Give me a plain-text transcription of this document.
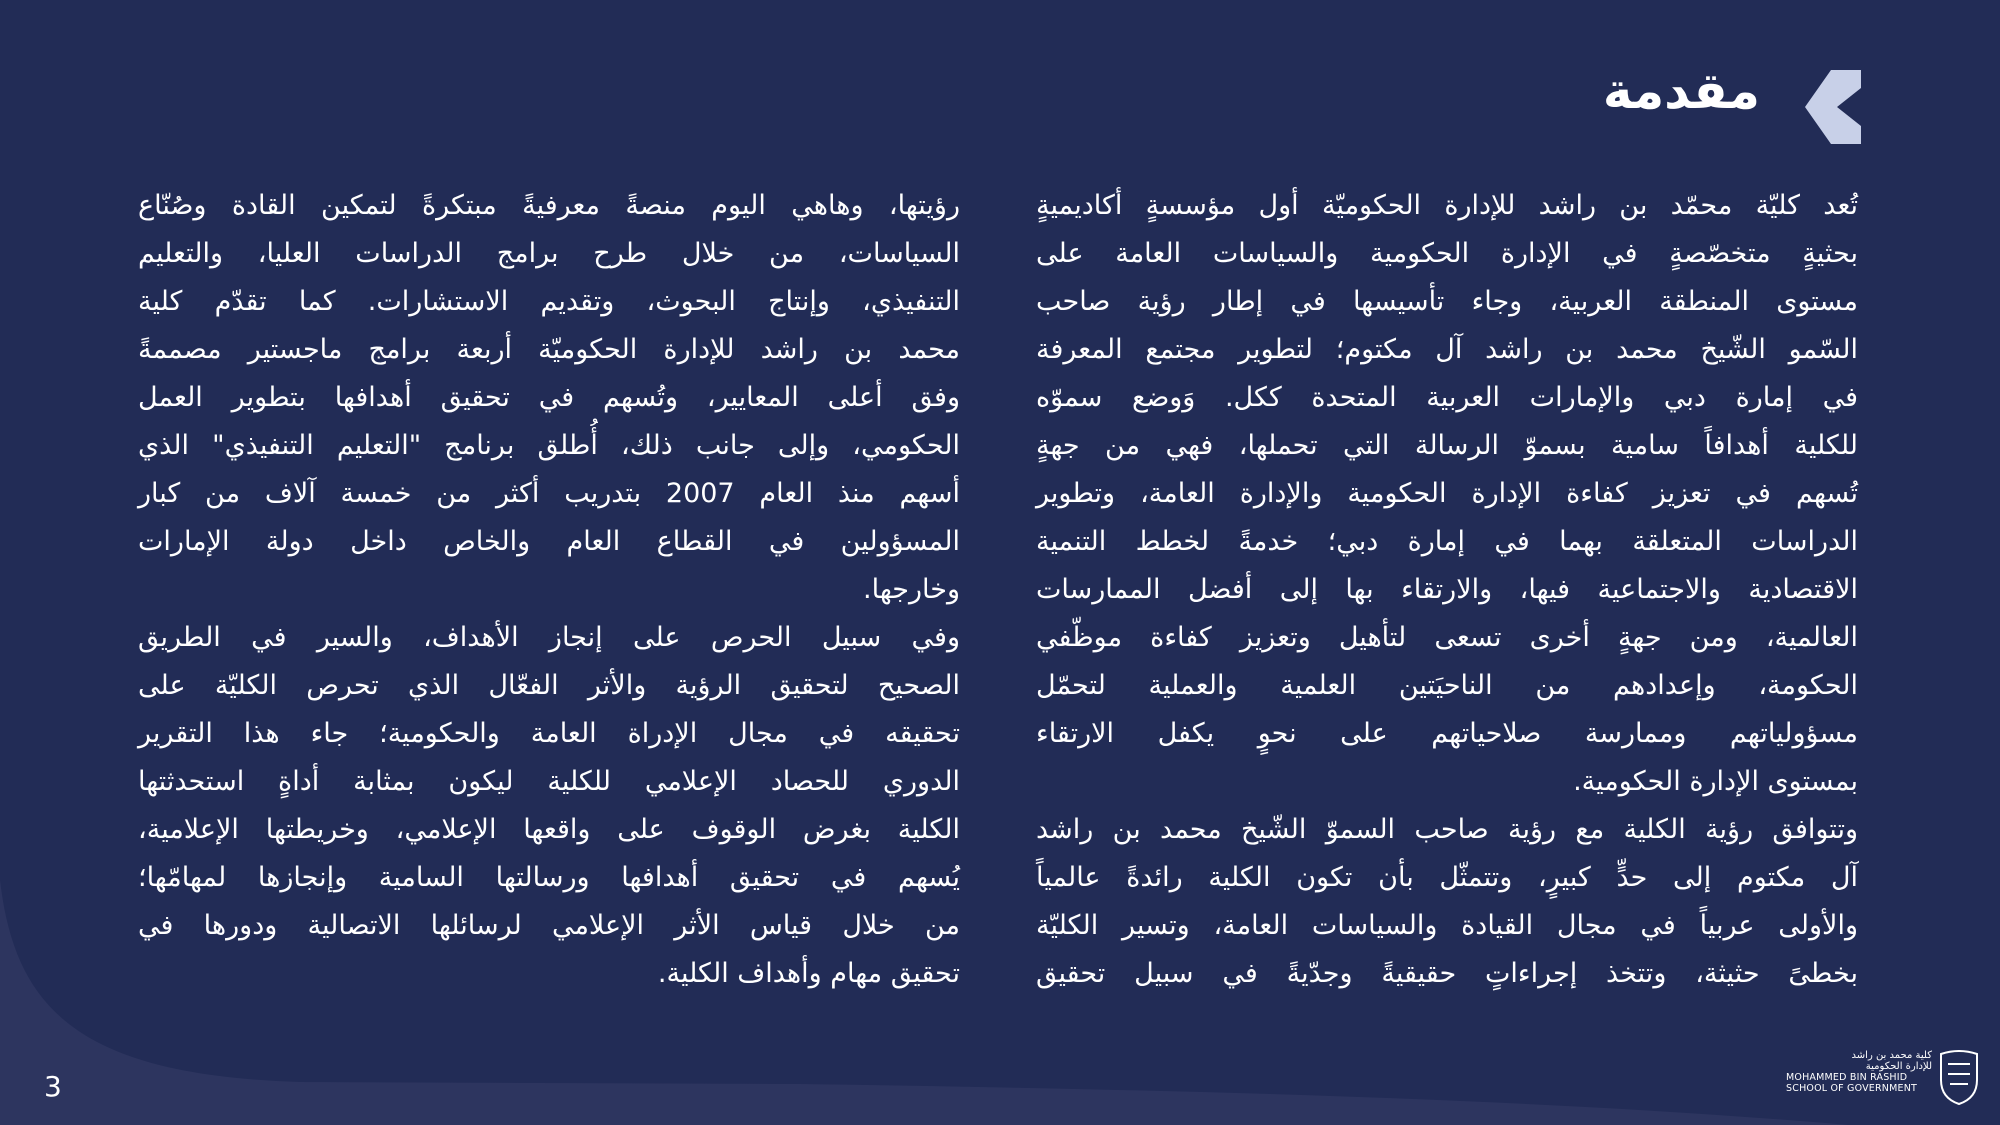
مقدمة
تُعد كليّة محمّد بن راشد للإدارة الحكوميّة أول مؤسسةٍ أكاديميةٍ
بحثيةٍ متخصّصةٍ في الإدارة الحكومية والسياسات العامة على
مستوى المنطقة العربية، وجاء تأسيسها في إطار رؤية صاحب
السّمو الشّيخ محمد بن راشد آل مكتوم؛ لتطوير مجتمع المعرفة
في إمارة دبي والإمارات العربية المتحدة ككل. وَوضع سموّه
للكلية أهدافاً سامية بسموّ الرسالة التي تحملها، فهي من جهةٍ
تُسهم في تعزيز كفاءة الإدارة الحكومية والإدارة العامة، وتطوير
الدراسات المتعلقة بهما في إمارة دبي؛ خدمةً لخطط التنمية
الاقتصادية والاجتماعية فيها، والارتقاء بها إلى أفضل الممارسات
العالمية، ومن جهةٍ أخرى تسعى لتأهيل وتعزيز كفاءة موظّفي
الحكومة، وإعدادهم من الناحيَتين العلمية والعملية لتحمّل
مسؤولياتهم وممارسة صلاحياتهم على نحوٍ يكفل الارتقاء
بمستوى الإدارة الحكومية.
وتتوافق رؤية الكلية مع رؤية صاحب السموّ الشّيخ محمد بن راشد
آل مكتوم إلى حدٍّ كبيرٍ، وتتمثّل بأن تكون الكلية رائدةً عالمياً
والأولى عربياً في مجال القيادة والسياسات العامة، وتسير الكليّة
بخطىً حثيثة، وتتخذ إجراءاتٍ حقيقيةً وجدّيةً في سبيل تحقيق
رؤيتها، وهاهي اليوم منصةً معرفيةً مبتكرةً لتمكين القادة وصُنّاع
السياسات، من خلال طرح برامج الدراسات العليا، والتعليم
التنفيذي، وإنتاج البحوث، وتقديم الاستشارات. كما تقدّم كلية
محمد بن راشد للإدارة الحكوميّة أربعة برامج ماجستير مصممةً
وفق أعلى المعايير، وتُسهم في تحقيق أهدافها بتطوير العمل
الحكومي، وإلى جانب ذلك، أُطلق برنامج "التعليم التنفيذي" الذي
أسهم منذ العام 2007 بتدريب أكثر من خمسة آلاف من كبار
المسؤولين في القطاع العام والخاص داخل دولة الإمارات
وخارجها.
وفي سبيل الحرص على إنجاز الأهداف، والسير في الطريق
الصحيح لتحقيق الرؤية والأثر الفعّال الذي تحرص الكليّة على
تحقيقه في مجال الإدراة العامة والحكومية؛ جاء هذا التقرير
الدوري للحصاد الإعلامي للكلية ليكون بمثابة أداةٍ استحدثتها
الكلية بغرض الوقوف على واقعها الإعلامي، وخريطتها الإعلامية،
يُسهم في تحقيق أهدافها ورسالتها السامية وإنجازها لمهامّها؛
من خلال قياس الأثر الإعلامي لرسائلها الاتصالية ودورها في
تحقيق مهام وأهداف الكلية.
3
كلية محمد بن راشد
للإدارة الحكومية
MOHAMMED BIN RASHID
SCHOOL OF GOVERNMENT
